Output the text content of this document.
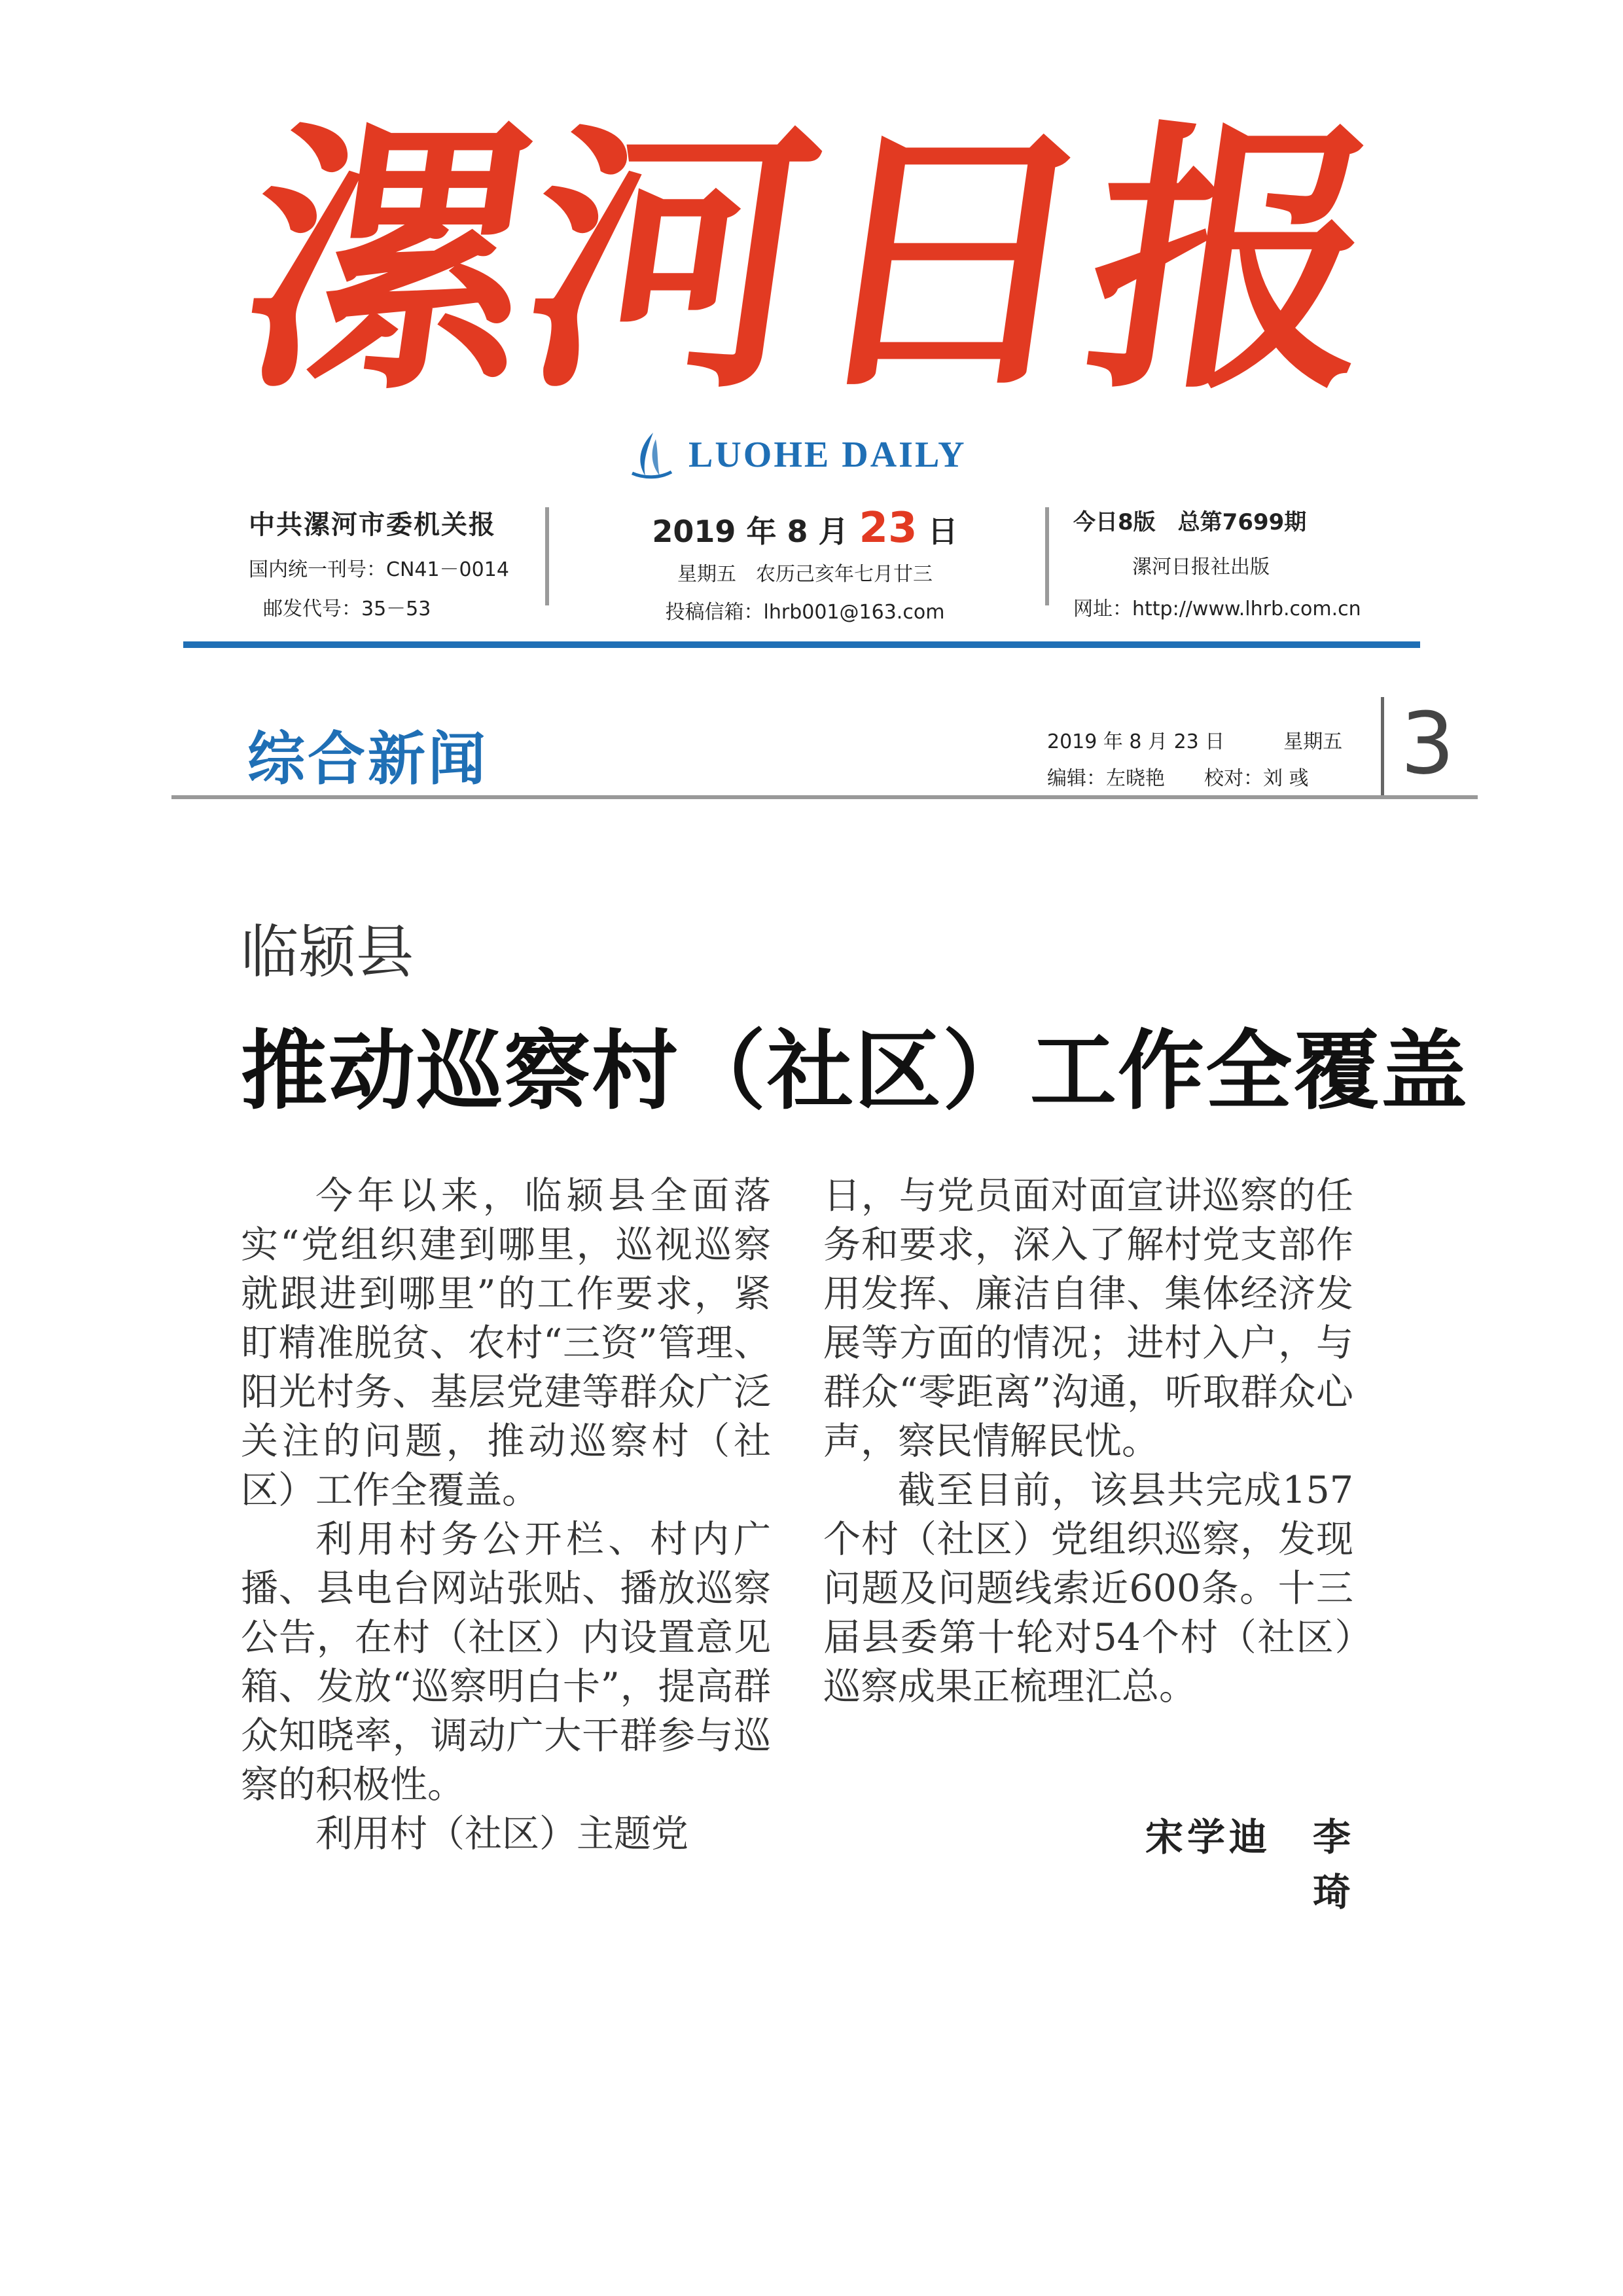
漯
河
日
报
LUOHE DAILY
中共漯河市委机关报
国内统一刊号：CN41－0014
邮发代号：35－53
2019 年 8 月 23 日
星期五　农历己亥年七月廿三
投稿信箱：lhrb001@163.com
今日8版　总第7699期
漯河日报社出版
网址：http://www.lhrb.com.cn
综合新闻	2019 年 8 月 23 日	星期五
编辑：左晓艳 校对：刘 彧 3
临颍县
推动巡察村（社区）工作全覆盖

今年以来，临颍县全面落实“党组织建到哪里，巡视巡察就跟进到哪里”的工作要求，紧盯精准脱贫、农村“三资”管理、阳光村务、基层党建等群众广泛关注的问题，推动巡察村（社区）工作全覆盖。

利用村务公开栏、村内广播、县电台网站张贴、播放巡察公告，在村（社区）内设置意见箱、发放“巡察明白卡”，提高群众知晓率，调动广大干群参与巡察的积极性。

利用村（社区）主题党

日，与党员面对面宣讲巡察的任务和要求，深入了解村党支部作用发挥、廉洁自律、集体经济发展等方面的情况；进村入户，与群众“零距离”沟通，听取群众心声，察民情解民忧。

截至目前，该县共完成157个村（社区）党组织巡察，发现问题及问题线索近600条。十三届县委第十轮对54个村（社区）巡察成果正梳理汇总。

宋学迪　李 琦
